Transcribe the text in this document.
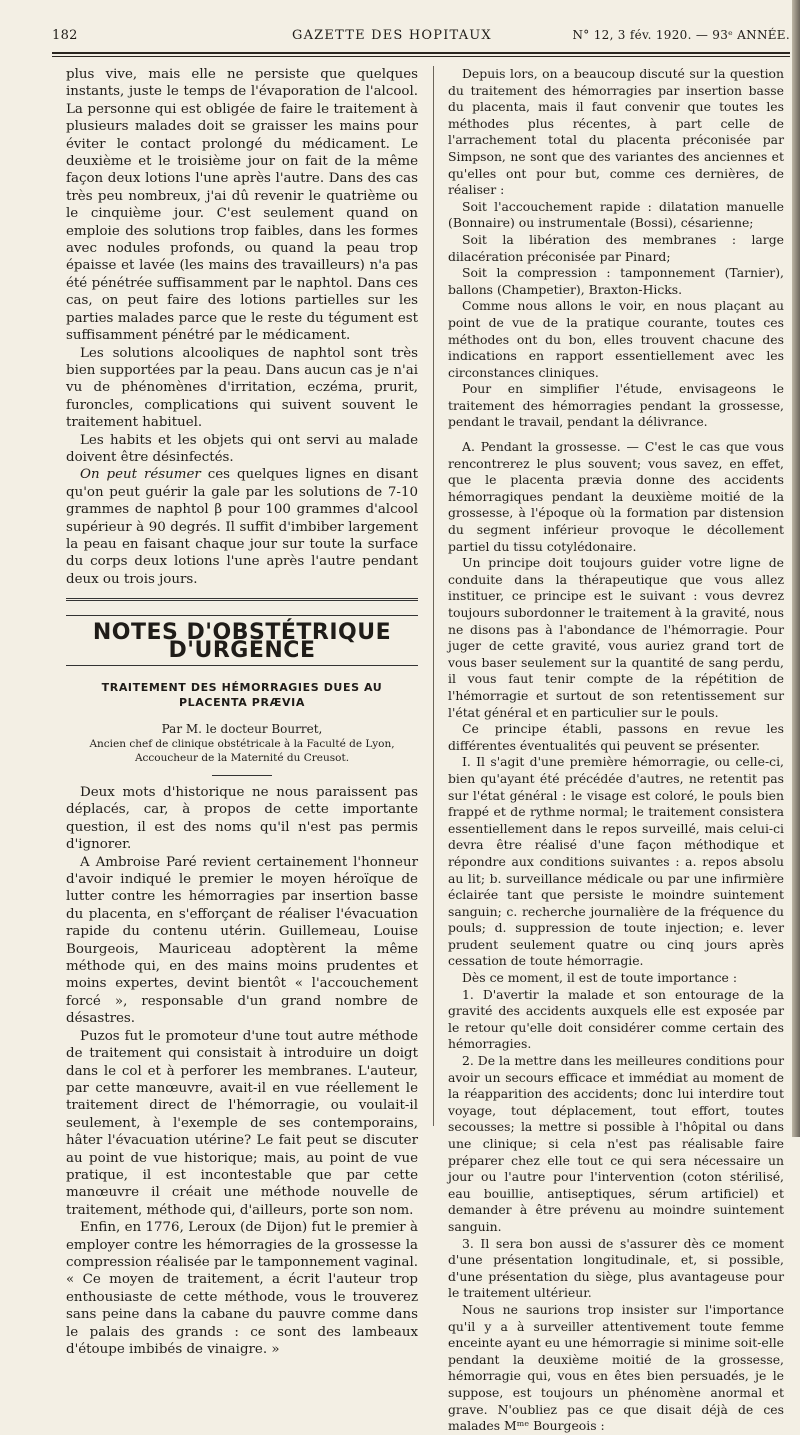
182	GAZETTE DES HOPITAUX	N° 12, 3 fév. 1920. — 93ᵉ ANNÉE.

plus vive, mais elle ne persiste que quelques instants, juste le temps de l'évaporation de l'alcool. La personne qui est obligée de faire le traitement à plusieurs malades doit se graisser les mains pour éviter le contact prolongé du médicament. Le deuxième et le troisième jour on fait de la même façon deux lotions l'une après l'autre. Dans des cas très peu nombreux, j'ai dû revenir le quatrième ou le cinquième jour. C'est seulement quand on emploie des solutions trop faibles, dans les formes avec nodules profonds, ou quand la peau trop épaisse et lavée (les mains des travailleurs) n'a pas été pénétrée suffisamment par le naphtol. Dans ces cas, on peut faire des lotions partielles sur les parties malades parce que le reste du tégument est suffisamment pénétré par le médicament.

Les solutions alcooliques de naphtol sont très bien supportées par la peau. Dans aucun cas je n'ai vu de phénomènes d'irritation, eczéma, prurit, furoncles, complications qui suivent souvent le traitement habituel.

Les habits et les objets qui ont servi au malade doivent être désinfectés.

On peut résumer ces quelques lignes en disant qu'on peut guérir la gale par les solutions de 7-10 grammes de naphtol β pour 100 grammes d'alcool supérieur à 90 degrés. Il suffit d'imbiber largement la peau en faisant chaque jour sur toute la surface du corps deux lotions l'une après l'autre pendant deux ou trois jours.

NOTES D'OBSTÉTRIQUE D'URGENCE
TRAITEMENT DES HÉMORRAGIES DUES AU PLACENTA PRÆVIA
Par M. le docteur Bourret,
Ancien chef de clinique obstétricale à la Faculté de Lyon,
Accoucheur de la Maternité du Creusot.

Deux mots d'historique ne nous paraissent pas déplacés, car, à propos de cette importante question, il est des noms qu'il n'est pas permis d'ignorer.

A Ambroise Paré revient certainement l'honneur d'avoir indiqué le premier le moyen héroïque de lutter contre les hémorragies par insertion basse du placenta, en s'efforçant de réaliser l'évacuation rapide du contenu utérin. Guillemeau, Louise Bourgeois, Mauriceau adoptèrent la même méthode qui, en des mains moins prudentes et moins expertes, devint bientôt « l'accouchement forcé », responsable d'un grand nombre de désastres.

Puzos fut le promoteur d'une tout autre méthode de traitement qui consistait à introduire un doigt dans le col et à perforer les membranes. L'auteur, par cette manœuvre, avait-il en vue réellement le traitement direct de l'hémorragie, ou voulait-il seulement, à l'exemple de ses contemporains, hâter l'évacuation utérine? Le fait peut se discuter au point de vue historique; mais, au point de vue pratique, il est incontestable que par cette manœuvre il créait une méthode nouvelle de traitement, méthode qui, d'ailleurs, porte son nom.

Enfin, en 1776, Leroux (de Dijon) fut le premier à employer contre les hémorragies de la grossesse la compression réalisée par le tamponnement vaginal. « Ce moyen de traitement, a écrit l'auteur trop enthousiaste de cette méthode, vous le trouverez sans peine dans la cabane du pauvre comme dans le palais des grands : ce sont des lambeaux d'étoupe imbibés de vinaigre. »

Depuis lors, on a beaucoup discuté sur la question du traitement des hémorragies par insertion basse du placenta, mais il faut convenir que toutes les méthodes plus récentes, à part celle de l'arrachement total du placenta préconisée par Simpson, ne sont que des variantes des anciennes et qu'elles ont pour but, comme ces dernières, de réaliser :

Soit l'accouchement rapide : dilatation manuelle (Bonnaire) ou instrumentale (Bossi), césarienne;

Soit la libération des membranes : large dilacération préconisée par Pinard;

Soit la compression : tamponnement (Tarnier), ballons (Champetier), Braxton-Hicks.

Comme nous allons le voir, en nous plaçant au point de vue de la pratique courante, toutes ces méthodes ont du bon, elles trouvent chacune des indications en rapport essentiellement avec les circonstances cliniques.

Pour en simplifier l'étude, envisageons le traitement des hémorragies pendant la grossesse, pendant le travail, pendant la délivrance.

A. Pendant la grossesse. — C'est le cas que vous rencontrerez le plus souvent; vous savez, en effet, que le placenta prævia donne des accidents hémorragiques pendant la deuxième moitié de la grossesse, à l'époque où la formation par distension du segment inférieur provoque le décollement partiel du tissu cotylédonaire.

Un principe doit toujours guider votre ligne de conduite dans la thérapeutique que vous allez instituer, ce principe est le suivant : vous devrez toujours subordonner le traitement à la gravité, nous ne disons pas à l'abondance de l'hémorragie. Pour juger de cette gravité, vous auriez grand tort de vous baser seulement sur la quantité de sang perdu, il vous faut tenir compte de la répétition de l'hémorragie et surtout de son retentissement sur l'état général et en particulier sur le pouls.

Ce principe établi, passons en revue les différentes éventualités qui peuvent se présenter.

I. Il s'agit d'une première hémorragie, ou celle-ci, bien qu'ayant été précédée d'autres, ne retentit pas sur l'état général : le visage est coloré, le pouls bien frappé et de rythme normal; le traitement consistera essentiellement dans le repos surveillé, mais celui-ci devra être réalisé d'une façon méthodique et répondre aux conditions suivantes : a. repos absolu au lit; b. surveillance médicale ou par une infirmière éclairée tant que persiste le moindre suintement sanguin; c. recherche journalière de la fréquence du pouls; d. suppression de toute injection; e. lever prudent seulement quatre ou cinq jours après cessation de toute hémorragie.

Dès ce moment, il est de toute importance :

1. D'avertir la malade et son entourage de la gravité des accidents auxquels elle est exposée par le retour qu'elle doit considérer comme certain des hémorragies.

2. De la mettre dans les meilleures conditions pour avoir un secours efficace et immédiat au moment de la réapparition des accidents; donc lui interdire tout voyage, tout déplacement, tout effort, toutes secousses; la mettre si possible à l'hôpital ou dans une clinique; si cela n'est pas réalisable faire préparer chez elle tout ce qui sera nécessaire un jour ou l'autre pour l'intervention (coton stérilisé, eau bouillie, antiseptiques, sérum artificiel) et demander à être prévenu au moindre suintement sanguin.

3. Il sera bon aussi de s'assurer dès ce moment d'une présentation longitudinale, et, si possible, d'une présentation du siège, plus avantageuse pour le traitement ultérieur.

Nous ne saurions trop insister sur l'importance qu'il y a à surveiller attentivement toute femme enceinte ayant eu une hémorragie si minime soit-elle pendant la deuxième moitié de la grossesse, hémorragie qui, vous en êtes bien persuadés, je le suppose, est toujours un phénomène anormal et grave. N'oubliez pas ce que disait déjà de ces malades Mᵐᵉ Bourgeois :
